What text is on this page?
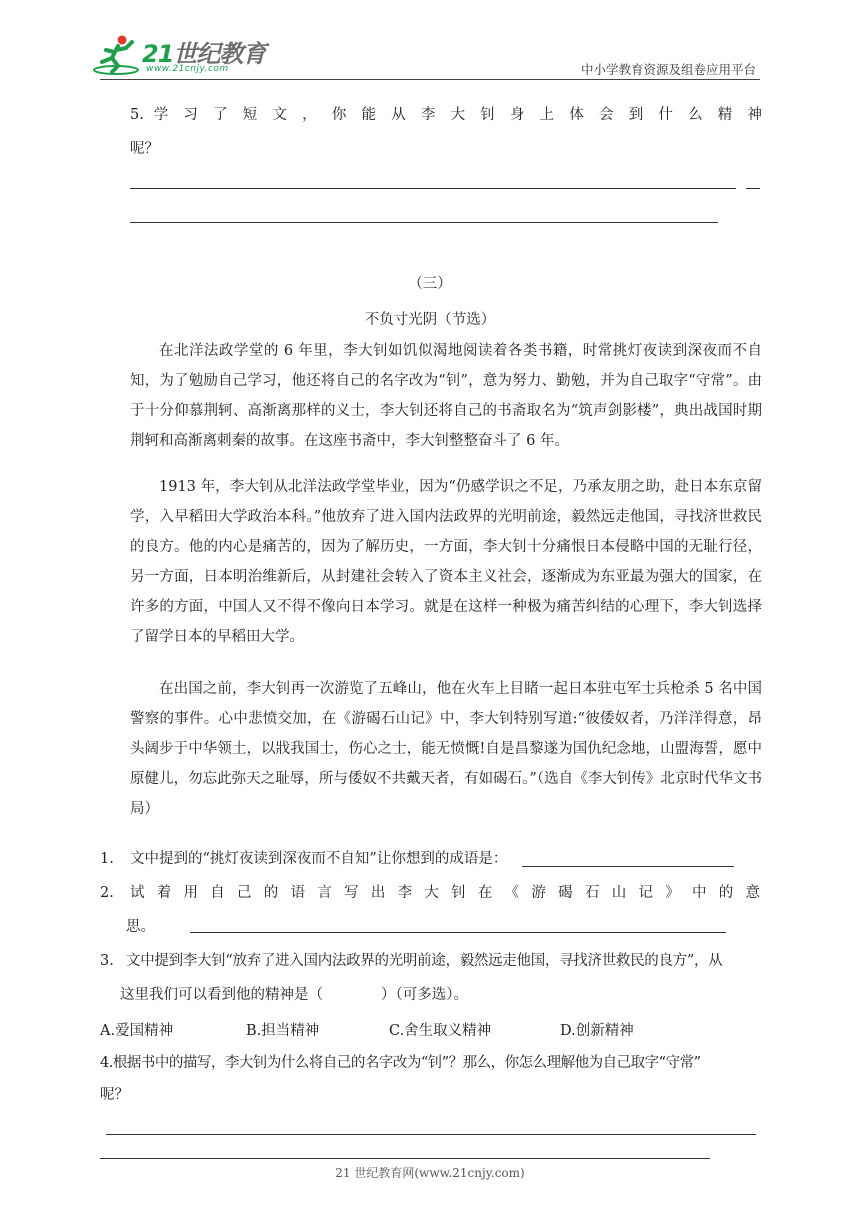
21世纪教育
www.21cnjy.com	中小学教育资源及组卷应用平台
5. 学 习 了 短 文 ， 你 能 从 李 大 钊 身 上 体 会 到 什 么 精 神
呢？
（三）
不负寸光阴（节选）
在北洋法政学堂的 6 年里，李大钊如饥似渴地阅读着各类书籍，时常挑灯夜读到深夜而不自知，为了勉励自己学习，他还将自己的名字改为“钊”，意为努力、勤勉，并为自己取字“守常”。由于十分仰慕荆轲、高渐离那样的义士，李大钊还将自己的书斋取名为“筑声剑影楼”，典出战国时期荆轲和高渐离刺秦的故事。在这座书斋中，李大钊整整奋斗了 6 年。
1913 年，李大钊从北洋法政学堂毕业，因为“仍感学识之不足，乃承友朋之助，赴日本东京留学，入早稻田大学政治本科。”他放弃了进入国内法政界的光明前途，毅然远走他国，寻找济世救民的良方。他的内心是痛苦的，因为了解历史，一方面，李大钊十分痛恨日本侵略中国的无耻行径，另一方面，日本明治维新后，从封建社会转入了资本主义社会，逐渐成为东亚最为强大的国家，在许多的方面，中国人又不得不像向日本学习。就是在这样一种极为痛苦纠结的心理下，李大钊选择了留学日本的早稻田大学。
在出国之前，李大钊再一次游览了五峰山，他在火车上目睹一起日本驻屯军士兵枪杀 5 名中国警察的事件。心中悲愤交加，在《游碣石山记》中，李大钊特别写道:“彼倭奴者，乃洋洋得意，昂头阔步于中华领土，以戕我国士，伤心之士，能无愤慨!自是昌黎遂为国仇纪念地，山盟海誓，愿中原健儿，勿忘此弥天之耻辱，所与倭奴不共戴天者，有如碣石。”（选自《李大钊传》北京时代华文书局）
1. 文中提到的“挑灯夜读到深夜而不自知”让你想到的成语是：
2. 试 着 用 自 己 的 语 言 写 出 李 大 钊 在 《 游 碣 石 山 记 》 中 的 意
思。
3. 文中提到李大钊“放弃了进入国内法政界的光明前途，毅然远走他国，寻找济世救民的良方”，从
这里我们可以看到他的精神是（　　　　）（可多选）。
A.爱国精神	B.担当精神	C.舍生取义精神	D.创新精神
4.根据书中的描写，李大钊为什么将自己的名字改为“钊”？那么，你怎么理解他为自己取字“守常”
呢？
21 世纪教育网(www.21cnjy.com)
